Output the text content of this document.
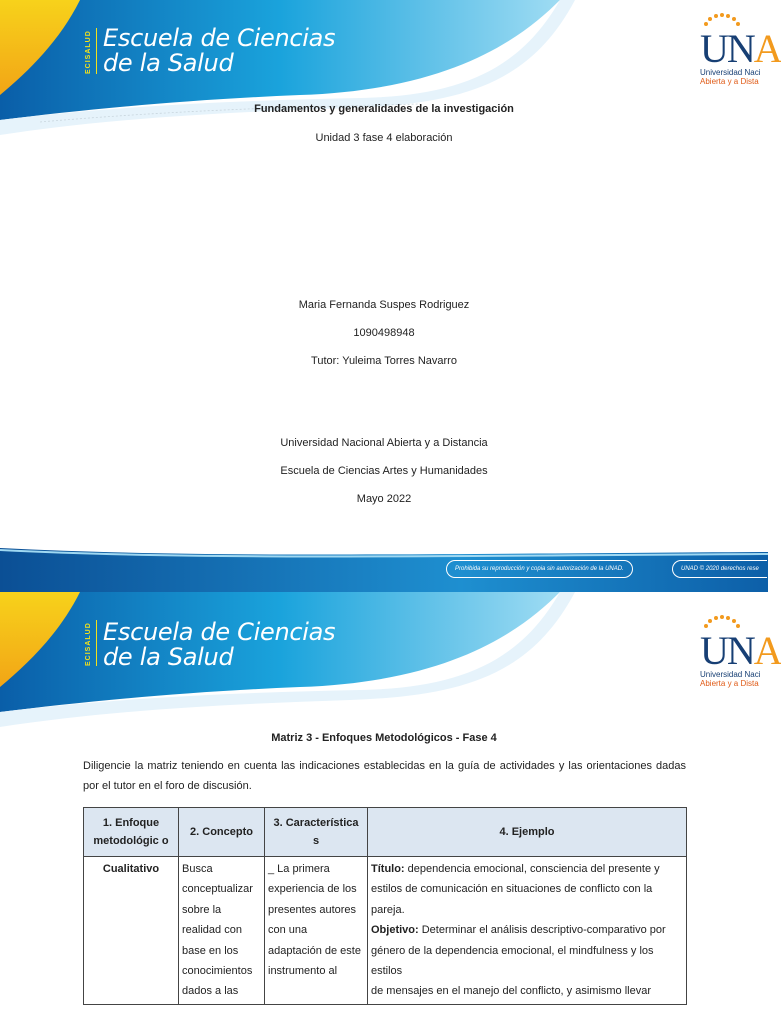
ECISALUD Escuela de Ciencias
de la Salud	UNA
Universidad Naci
Abierta y a Dista
Fundamentos y generalidades de la investigación
Unidad 3 fase 4 elaboración
Maria Fernanda Suspes Rodriguez
1090498948
Tutor: Yuleima Torres Navarro
Universidad Nacional Abierta y a Distancia
Escuela de Ciencias Artes y Humanidades
Mayo 2022
Prohibida su reproducción y copia sin autorización de la UNAD.	UNAD © 2020 derechos rese
ECISALUD Escuela de Ciencias
de la Salud	UNA
Universidad Naci
Abierta y a Dista
Matriz 3 - Enfoques Metodológicos - Fase 4
Diligencie la matriz teniendo en cuenta las indicaciones establecidas en la guía de actividades y las orientaciones dadas por el tutor en el foro de discusión.
1. Enfoque metodológic o	2. Concepto	3. Característica s	4. Ejemplo
Cualitativo	Busca conceptualizar sobre la realidad con base en los conocimientos dados a las	_ La primera experiencia de los presentes autores con una adaptación de este instrumento al	Título: dependencia emocional, consciencia del presente y estilos de comunicación en situaciones de conflicto con la pareja.
Objetivo: Determinar el análisis descriptivo-comparativo por género de la dependencia emocional, el mindfulness y los estilos
de mensajes en el manejo del conflicto, y asimismo llevar
